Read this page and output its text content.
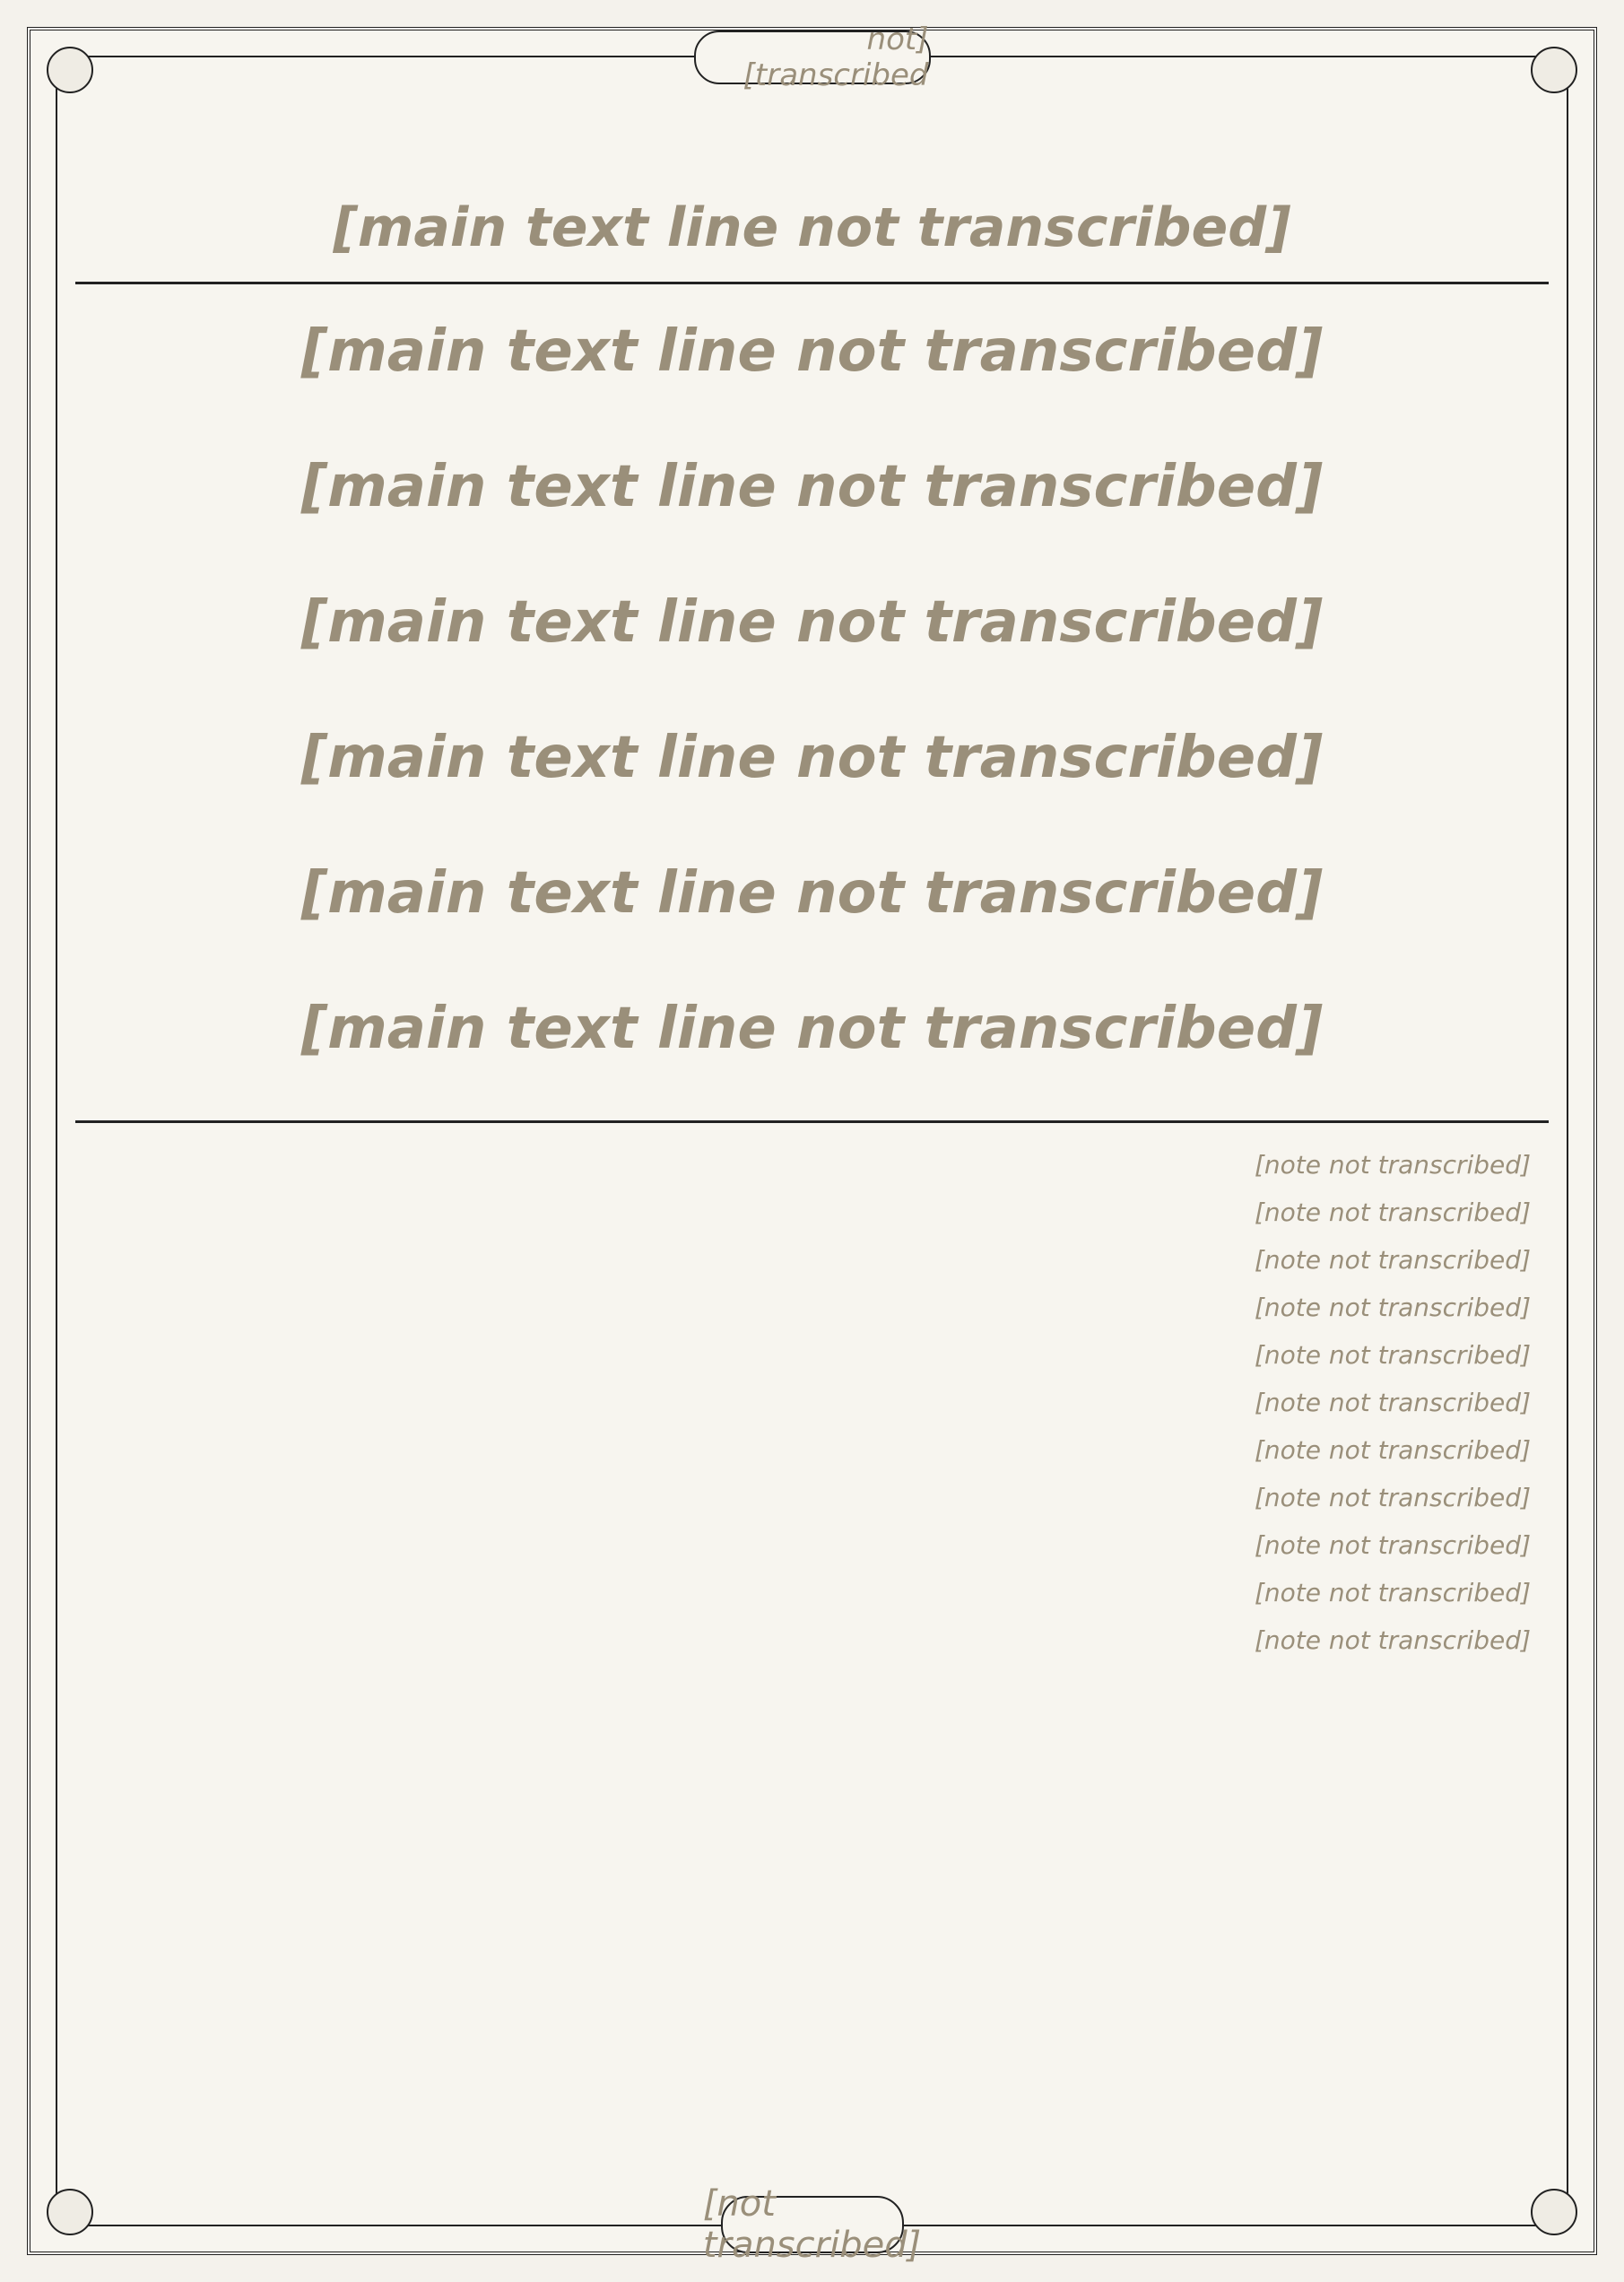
[not transcribed]
[main text line not transcribed]
[main text line not transcribed]
[main text line not transcribed]
[main text line not transcribed]
[main text line not transcribed]
[main text line not transcribed]
[main text line not transcribed]

[note not transcribed]

[note not transcribed]

[note not transcribed]

[note not transcribed]

[note not transcribed]

[note not transcribed]

[note not transcribed]

[note not transcribed]

[note not transcribed]

[note not transcribed]

[note not transcribed]

[not transcribed]
